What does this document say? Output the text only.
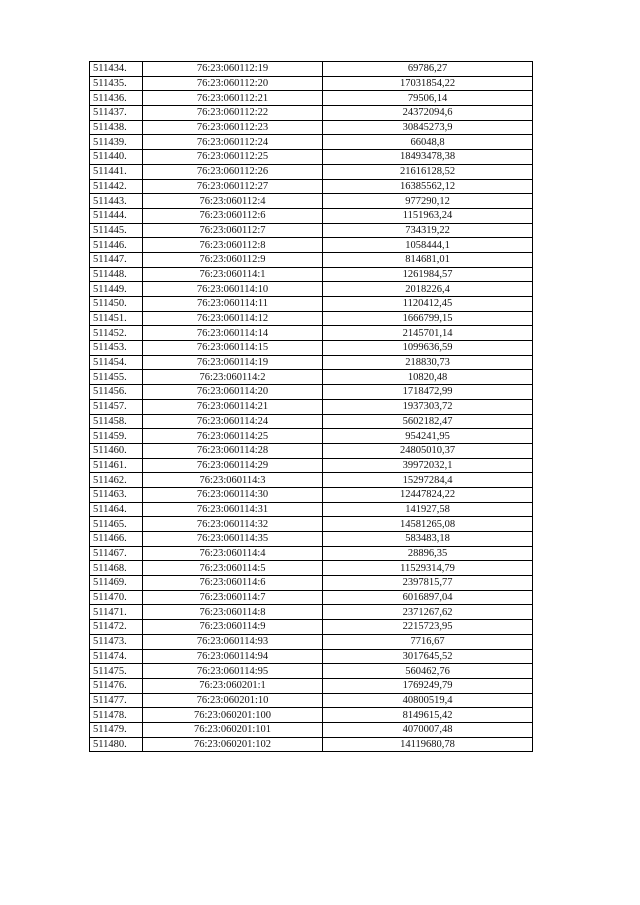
511434.	76:23:060112:19	69786,27
511435.	76:23:060112:20	17031854,22
511436.	76:23:060112:21	79506,14
511437.	76:23:060112:22	24372094,6
511438.	76:23:060112:23	30845273,9
511439.	76:23:060112:24	66048,8
511440.	76:23:060112:25	18493478,38
511441.	76:23:060112:26	21616128,52
511442.	76:23:060112:27	16385562,12
511443.	76:23:060112:4	977290,12
511444.	76:23:060112:6	1151963,24
511445.	76:23:060112:7	734319,22
511446.	76:23:060112:8	1058444,1
511447.	76:23:060112:9	814681,01
511448.	76:23:060114:1	1261984,57
511449.	76:23:060114:10	2018226,4
511450.	76:23:060114:11	1120412,45
511451.	76:23:060114:12	1666799,15
511452.	76:23:060114:14	2145701,14
511453.	76:23:060114:15	1099636,59
511454.	76:23:060114:19	218830,73
511455.	76:23:060114:2	10820,48
511456.	76:23:060114:20	1718472,99
511457.	76:23:060114:21	1937303,72
511458.	76:23:060114:24	5602182,47
511459.	76:23:060114:25	954241,95
511460.	76:23:060114:28	24805010,37
511461.	76:23:060114:29	39972032,1
511462.	76:23:060114:3	15297284,4
511463.	76:23:060114:30	12447824,22
511464.	76:23:060114:31	141927,58
511465.	76:23:060114:32	14581265,08
511466.	76:23:060114:35	583483,18
511467.	76:23:060114:4	28896,35
511468.	76:23:060114:5	11529314,79
511469.	76:23:060114:6	2397815,77
511470.	76:23:060114:7	6016897,04
511471.	76:23:060114:8	2371267,62
511472.	76:23:060114:9	2215723,95
511473.	76:23:060114:93	7716,67
511474.	76:23:060114:94	3017645,52
511475.	76:23:060114:95	560462,76
511476.	76:23:060201:1	1769249,79
511477.	76:23:060201:10	40800519,4
511478.	76:23:060201:100	8149615,42
511479.	76:23:060201:101	4070007,48
511480.	76:23:060201:102	14119680,78
